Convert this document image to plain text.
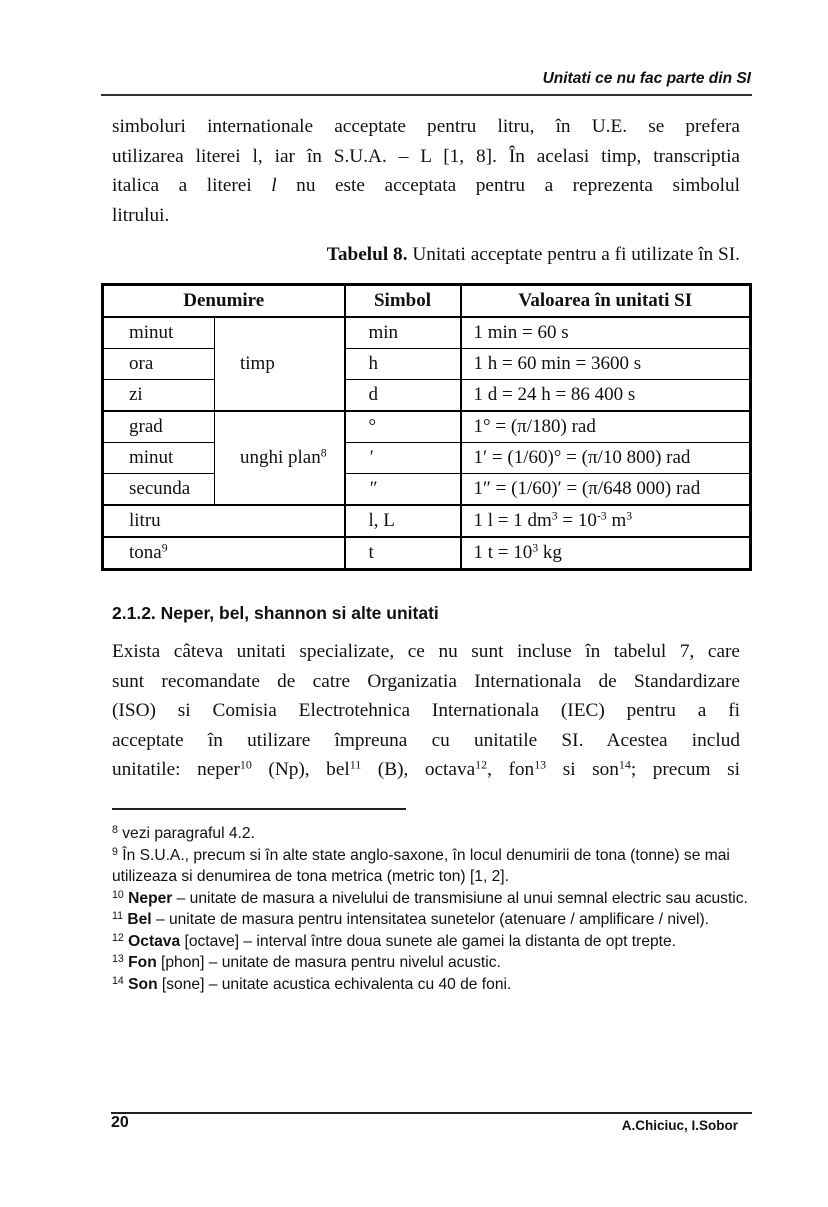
Unitati ce nu fac parte din SI
simboluri internationale acceptate pentru litru, în U.E. se prefera
utilizarea literei l, iar în S.U.A. – L [1, 8]. În acelasi timp, transcriptia
italica a literei l nu este acceptata pentru a reprezenta simbolul
litrului.
Tabelul 8. Unitati acceptate pentru a fi utilizate în SI.
Denumire		Simbol	Valoarea în unitati SI
minut	timp	min	1 min = 60 s
ora		h	1 h = 60 min = 3600 s
zi		d	1 d = 24 h = 86 400 s
grad	unghi plan$^8$	°	1° = (π/180) rad
minut		′	1′ = (1/60)° = (π/10 800) rad
secunda		″	1″ = (1/60)′ = (π/648 000) rad
litru		l, L	1 l = 1 $dm^3 = 10^{-3}$ $m^3$
tona$^9$		t	1 $t = 10^3$ kg
2.1.2. Neper, bel, shannon si alte unitati
Exista câteva unitati specializate, ce nu sunt incluse în tabelul 7, care
sunt recomandate de catre Organizatia Internationala de Standardizare
(ISO) si Comisia Electrotehnica Internationala (IEC) pentru a fi
acceptate în utilizare împreuna cu unitatile SI. Acestea includ
unitatile: neper$^{10}$ (Np), bel$^{11}$ (B), octava$^{12}$, fon$^{13}$ si son$^{14}$; precum si
$^8$ vezi paragraful 4.2.
$^9$ În S.U.A., precum si în alte state anglo-saxone, în locul denumirii de tona (tonne) se mai utilizeaza si denumirea de tona metrica (metric ton) [1, 2].
$^{10}$ Neper – unitate de masura a nivelului de transmisiune al unui semnal electric sau acustic.
$^{11}$ Bel – unitate de masura pentru intensitatea sunetelor (atenuare / amplificare / nivel).
$^{12}$ Octava [octave] – interval între doua sunete ale gamei la distanta de opt trepte.
$^{13}$ Fon [phon] – unitate de masura pentru nivelul acustic.
$^{14}$ Son [sone] – unitate acustica echivalenta cu 40 de foni.
20	A.Chiciuc, I.Sobor
